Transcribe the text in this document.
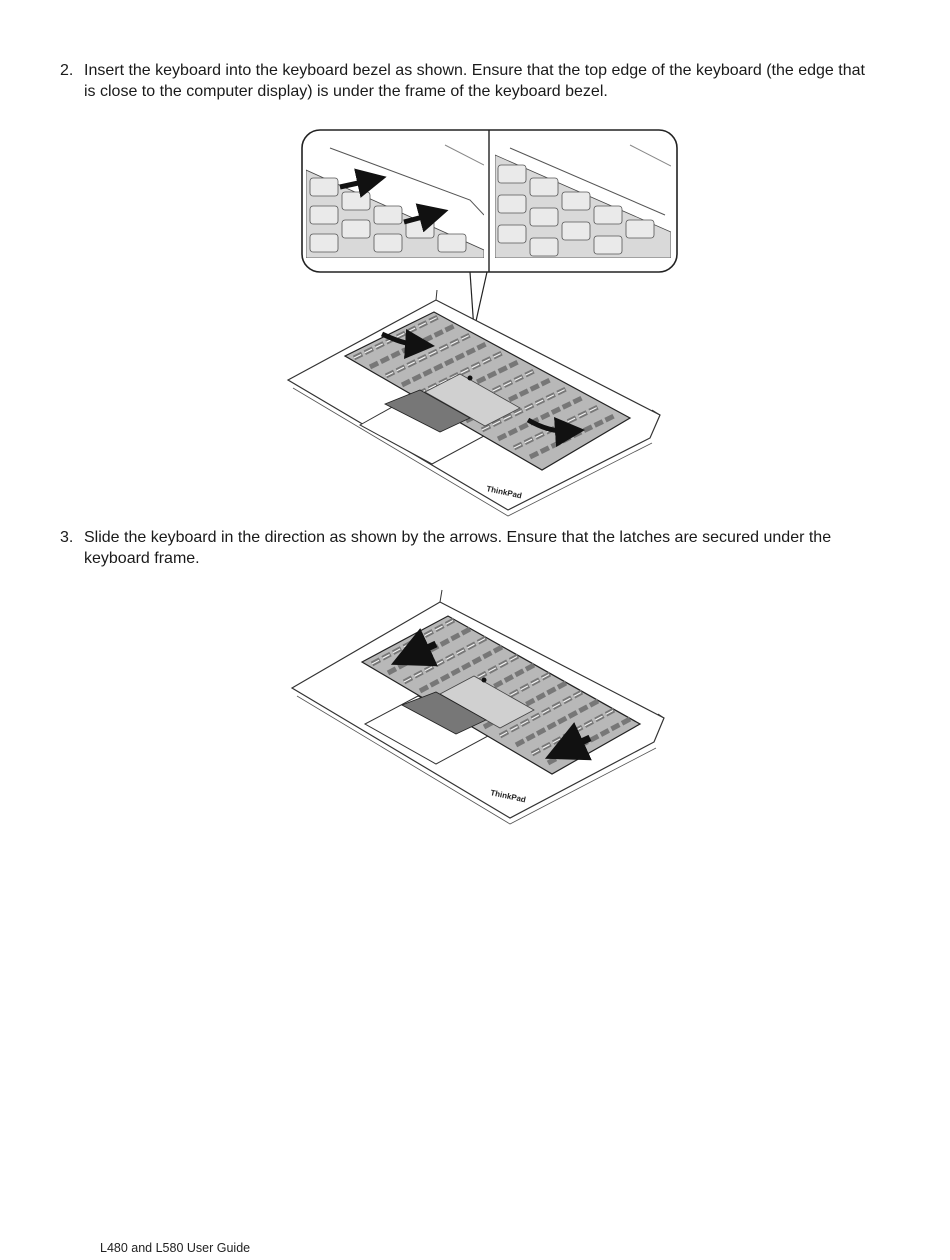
2. Insert the keyboard into the keyboard bezel as shown. Ensure that the top edge of the keyboard (the edge that is close to the computer display) is under the frame of the keyboard bezel.
3. Slide the keyboard in the direction as shown by the arrows. Ensure that the latches are secured under the keyboard frame.
ThinkPad
ThinkPad
L480 and L580 User Guide
